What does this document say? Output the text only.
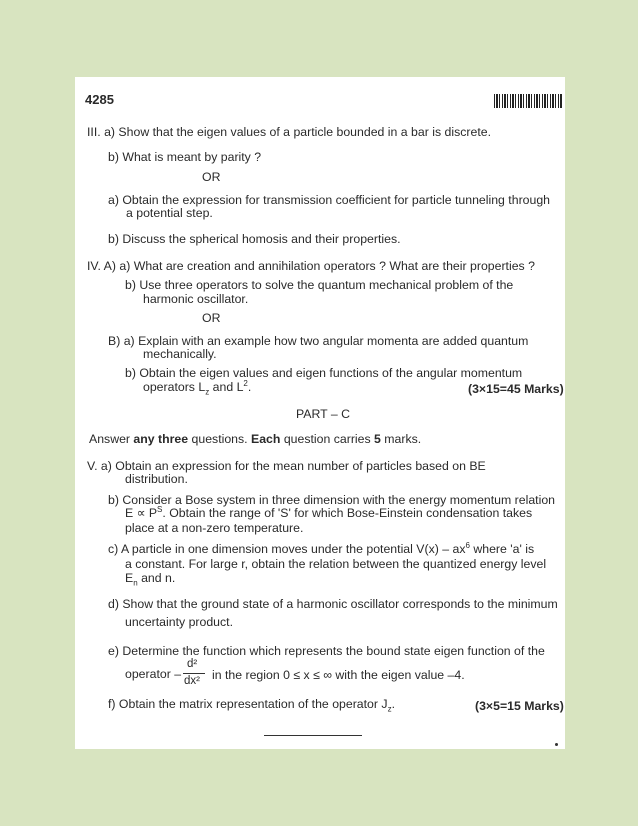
4285
III. a) Show that the eigen values of a particle bounded in a bar is discrete.
b) What is meant by parity ?
OR
a) Obtain the expression for transmission coefficient for particle tunneling through
a potential step.
b) Discuss the spherical homosis and their properties.
IV. A) a) What are creation and annihilation operators ? What are their properties ?
b) Use three operators to solve the quantum mechanical problem of the
harmonic oscillator.
OR
B) a) Explain with an example how two angular momenta are added quantum
mechanically.
b) Obtain the eigen values and eigen functions of the angular momentum
operators $L_z$ and $L^2$.	(3×15=45 Marks)
PART – C
Answer any three questions. Each question carries 5 marks.
V. a) Obtain an expression for the mean number of particles based on BE
distribution.
b) Consider a Bose system in three dimension with the energy momentum relation
$E \propto P^S$. Obtain the range of 'S' for which Bose-Einstein condensation takes
place at a non-zero temperature.
c) A particle in one dimension moves under the potential $V(x) - ax^6$ where 'a' is
a constant. For large r, obtain the relation between the quantized energy level
$E_n$ and n.
d) Show that the ground state of a harmonic oscillator corresponds to the minimum
uncertainty product.
e) Determine the function which represents the bound state eigen function of the
operator –
d²
dx² in the region 0 ≤ x ≤ ∞ with the eigen value –4.
f) Obtain the matrix representation of the operator $J_z$.	(3×5=15 Marks)
